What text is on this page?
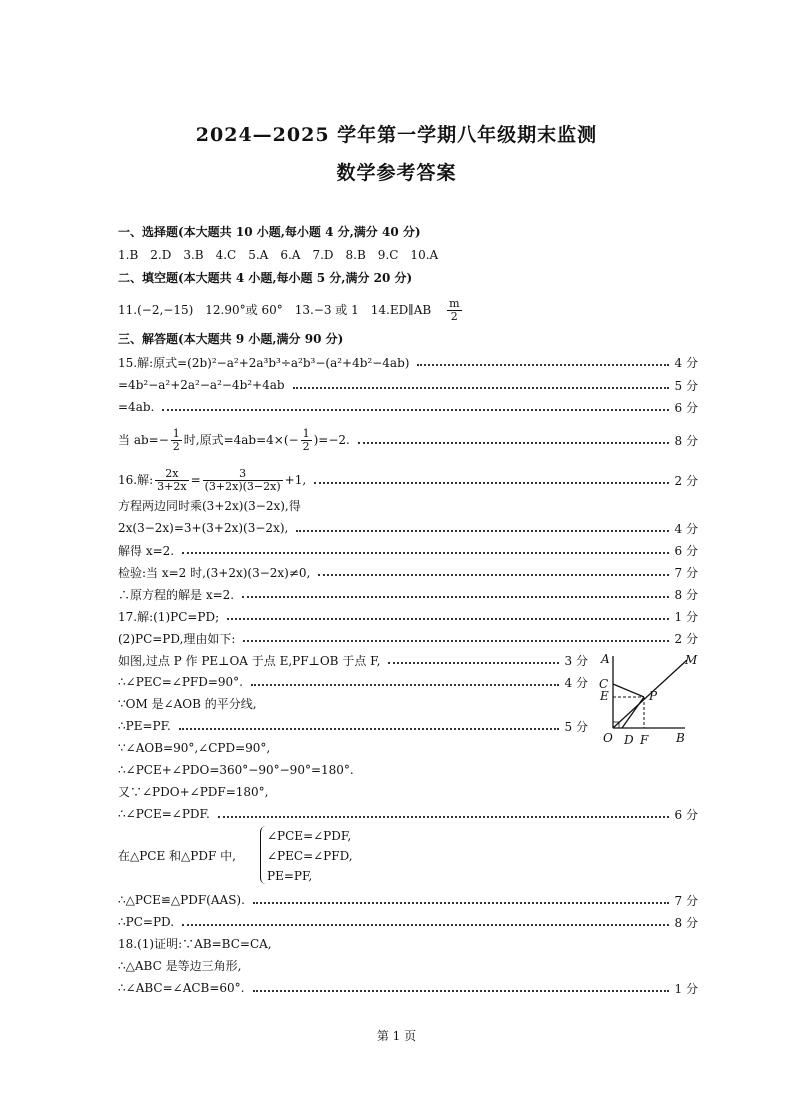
2024—2025 学年第一学期八年级期末监测
数学参考答案
一、选择题(本大题共 10 小题,每小题 4 分,满分 40 分)
1.B　2.D　3.B　4.C　5.A　6.A　7.D　8.B　9.C　10.A
二、填空题(本大题共 4 小题,每小题 5 分,满分 20 分)
11.(−2,−15)　12.90°或 60°　13.−3 或 1　14.ED∥AB $\frac{m}{2}$
三、解答题(本大题共 9 小题,满分 90 分)
15.解:原式=(2b)²−a²+2a³b³÷a²b³−(a²+4b²−4ab)	4 分
=4b²−a²+2a²−a²−4b²+4ab	5 分
=4ab.	6 分
当 $ab=- \frac{1}{2}$ 时,原式$=4ab=4\times(- \frac{1}{2} )=-2$.	8 分
16.解: $\frac{2x}{3+2x} = \frac{3}{(3+2x)(3-2x)} +1$,	2 分
方程两边同时乘(3+2x)(3−2x),得
2x(3−2x)=3+(3+2x)(3−2x),	4 分
解得 x=2.	6 分
检验:当 x=2 时,(3+2x)(3−2x)≠0,	7 分
∴原方程的解是 x=2.	8 分
17.解:(1)PC=PD;	1 分
(2)PC=PD,理由如下:	2 分
如图,过点 P 作 PE⊥OA 于点 E,PF⊥OB 于点 F,	3 分
∴∠PEC=∠PFD=90°.	4 分
∵OM 是∠AOB 的平分线,
∴PE=PF.	5 分
∵∠AOB=90°,∠CPD=90°,
∴∠PCE+∠PDO=360°−90°−90°=180°.
又∵∠PDO+∠PDF=180°,
∴∠PCE=∠PDF.	6 分
在△PCE 和△PDF 中,
∠PCE=∠PDF,
∠PEC=∠PFD,
PE=PF,
∴△PCE≌△PDF(AAS).	7 分
∴PC=PD.	8 分
A
C
E
O D F B
P
M
18.(1)证明:∵AB=BC=CA,
∴△ABC 是等边三角形,
∴∠ABC=∠ACB=60°.	1 分
第 1 页
